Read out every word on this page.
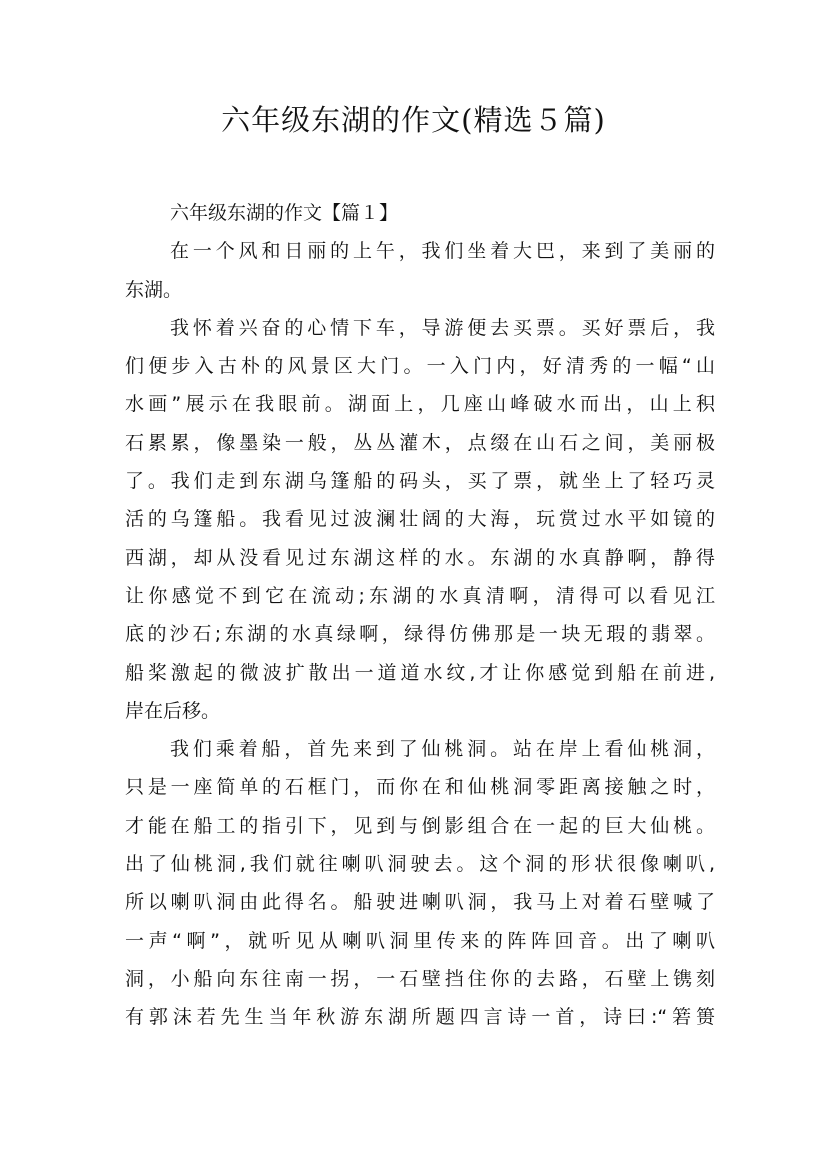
六年级东湖的作文(精选５篇)
六年级东湖的作文【篇１】

在一个风和日丽的上午，我们坐着大巴，来到了美丽的
东湖。

我怀着兴奋的心情下车，导游便去买票。买好票后，我
们便步入古朴的风景区大门。一入门内，好清秀的一幅“山
水画”展示在我眼前。湖面上，几座山峰破水而出，山上积
石累累，像墨染一般，丛丛灌木，点缀在山石之间，美丽极
了。我们走到东湖乌篷船的码头，买了票，就坐上了轻巧灵
活的乌篷船。我看见过波澜壮阔的大海，玩赏过水平如镜的
西湖，却从没看见过东湖这样的水。东湖的水真静啊，静得
让你感觉不到它在流动;东湖的水真清啊，清得可以看见江
底的沙石;东湖的水真绿啊，绿得仿佛那是一块无瑕的翡翠。
船桨激起的微波扩散出一道道水纹,才让你感觉到船在前进,
岸在后移。

我们乘着船，首先来到了仙桃洞。站在岸上看仙桃洞，
只是一座简单的石框门，而你在和仙桃洞零距离接触之时，
才能在船工的指引下，见到与倒影组合在一起的巨大仙桃。
出了仙桃洞,我们就往喇叭洞驶去。这个洞的形状很像喇叭,
所以喇叭洞由此得名。船驶进喇叭洞，我马上对着石壁喊了
一声“啊”，就听见从喇叭洞里传来的阵阵回音。出了喇叭
洞，小船向东往南一拐，一石壁挡住你的去路，石壁上镌刻
有郭沫若先生当年秋游东湖所题四言诗一首，诗曰:“箬篑
